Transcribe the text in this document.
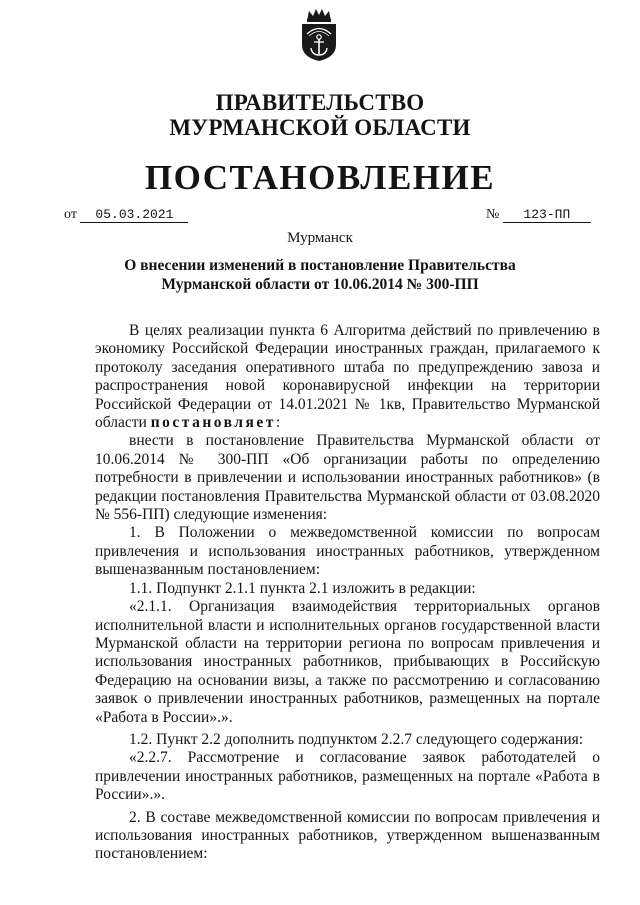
ПРАВИТЕЛЬСТВО
МУРМАНСКОЙ ОБЛАСТИ
ПОСТАНОВЛЕНИЕ
от 05.03.2021	№ 123-ПП
Мурманск
О внесении изменений в постановление Правительства
Мурманской области от 10.06.2014 № 300-ПП

В целях реализации пункта 6 Алгоритма действий по привлечению в экономику Российской Федерации иностранных граждан, прилагаемого к протоколу заседания оперативного штаба по предупреждению завоза и распространения новой коронавирусной инфекции на территории Российской Федерации от 14.01.2021 № 1кв, Правительство Мурманской области постановляет:

внести в постановление Правительства Мурманской области от 10.06.2014 № 300-ПП «Об организации работы по определению потребности в привлечении и использовании иностранных работников» (в редакции постановления Правительства Мурманской области от 03.08.2020 № 556-ПП) следующие изменения:

1. В Положении о межведомственной комиссии по вопросам привлечения и использования иностранных работников, утвержденном вышеназванным постановлением:

1.1. Подпункт 2.1.1 пункта 2.1 изложить в редакции:

«2.1.1. Организация взаимодействия территориальных органов исполнительной власти и исполнительных органов государственной власти Мурманской области на территории региона по вопросам привлечения и использования иностранных работников, прибывающих в Российскую Федерацию на основании визы, а также по рассмотрению и согласованию заявок о привлечении иностранных работников, размещенных на портале «Работа в России».».

1.2. Пункт 2.2 дополнить подпунктом 2.2.7 следующего содержания:

«2.2.7. Рассмотрение и согласование заявок работодателей о привлечении иностранных работников, размещенных на портале «Работа в России».».

2. В составе межведомственной комиссии по вопросам привлечения и использования иностранных работников, утвержденном вышеназванным постановлением:
